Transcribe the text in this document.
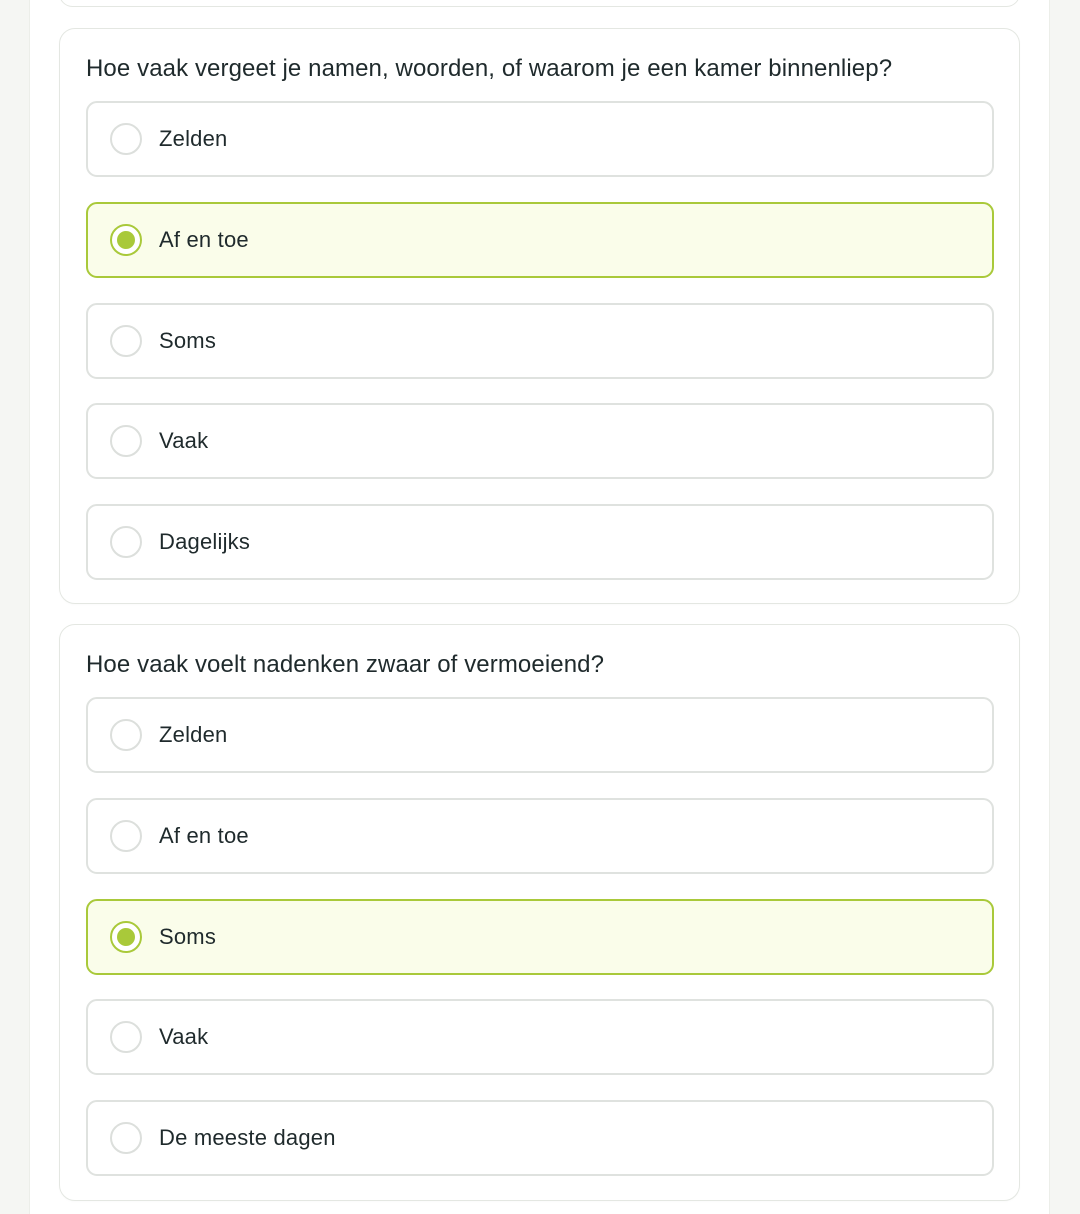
Hoe vaak vergeet je namen, woorden, of waarom je een kamer binnenliep?
Zelden
Af en toe
Soms
Vaak
Dagelijks
Hoe vaak voelt nadenken zwaar of vermoeiend?
Zelden
Af en toe
Soms
Vaak
De meeste dagen
